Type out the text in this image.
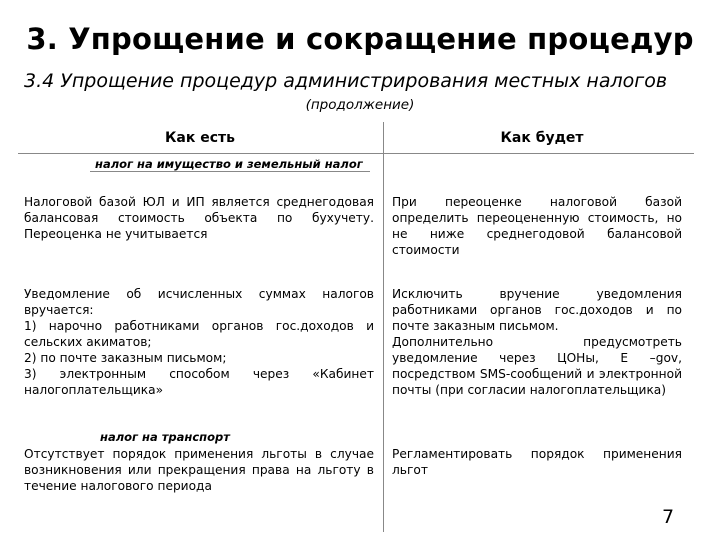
3. Упрощение и сокращение процедур
3.4 Упрощение процедур администрирования местных налогов
(продолжение)
Как есть	Как будет
налог на имущество и земельный налог
Налоговой базой ЮЛ и ИП является среднегодовая балансовая стоимость объекта по бухучету. Переоценка не учитывается
При переоценке налоговой базой определить переоцененную стоимость, но не ниже среднегодовой балансовой стоимости
Уведомление об исчисленных суммах налогов вручается:
1) нарочно работниками органов гос.доходов и сельских акиматов;
2) по почте заказным письмом;
3) электронным способом через «Кабинет налогоплательщика»
Исключить вручение уведомления работниками органов гос.доходов и по почте заказным письмом.
Дополнительно предусмотреть уведомление через ЦОНы, E –gov, посредством SMS-сообщений и электронной почты (при согласии налогоплательщика)
налог на транспорт
Отсутствует порядок применения льготы в случае возникновения или прекращения права на льготу в течение налогового периода
Регламентировать порядок применения льгот
7
